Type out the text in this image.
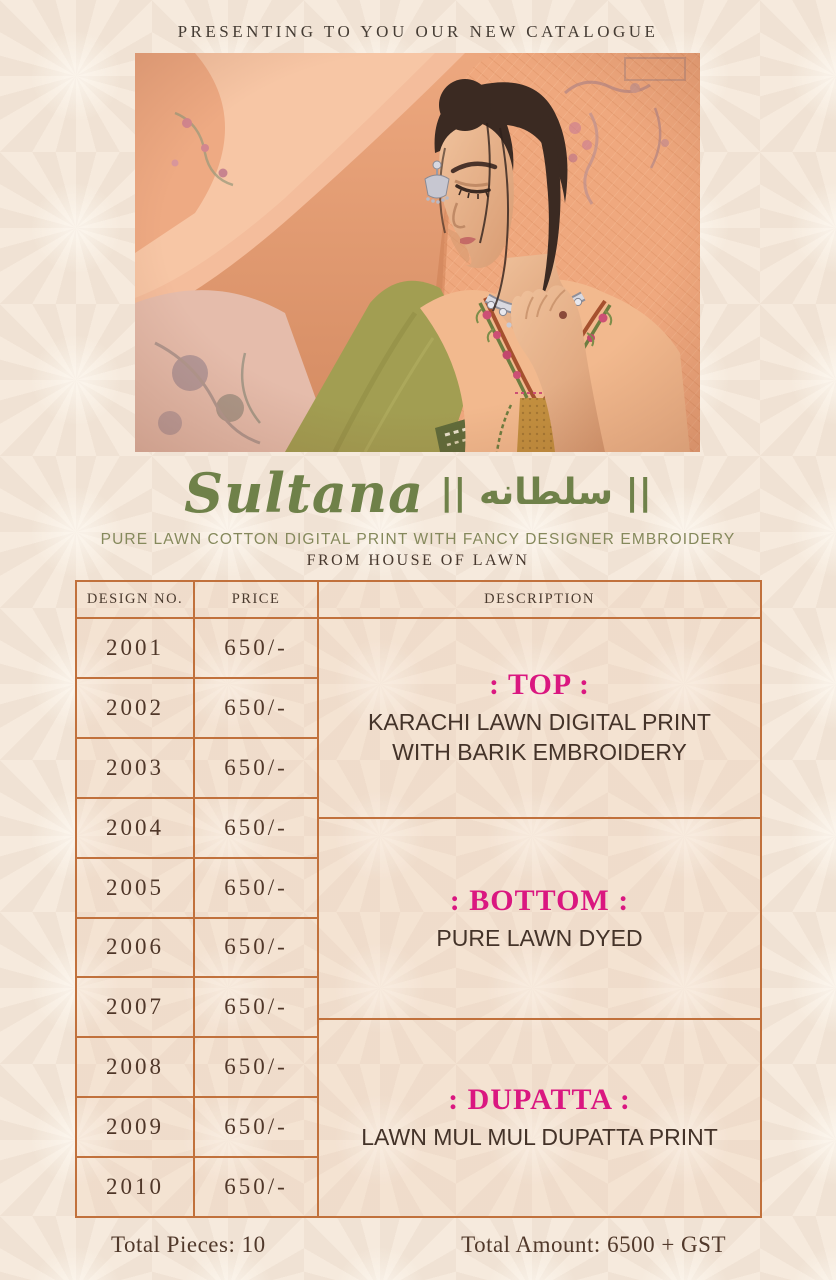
PRESENTING TO YOU OUR NEW CATALOGUE
Sultana || سلطانه ||
PURE LAWN COTTON DIGITAL PRINT WITH FANCY DESIGNER EMBROIDERY
FROM HOUSE OF LAWN
DESIGN NO.
2001
2002
2003
2004
2005
2006
2007
2008
2009
2010
PRICE
650/-
650/-
650/-
650/-
650/-
650/-
650/-
650/-
650/-
650/-
DESCRIPTION
: TOP :
KARACHI LAWN DIGITAL PRINT WITH BARIK EMBROIDERY
: BOTTOM :
PURE LAWN DYED
: DUPATTA :
LAWN MUL MUL DUPATTA PRINT
Total Pieces: 10	Total Amount: 6500 + GST
